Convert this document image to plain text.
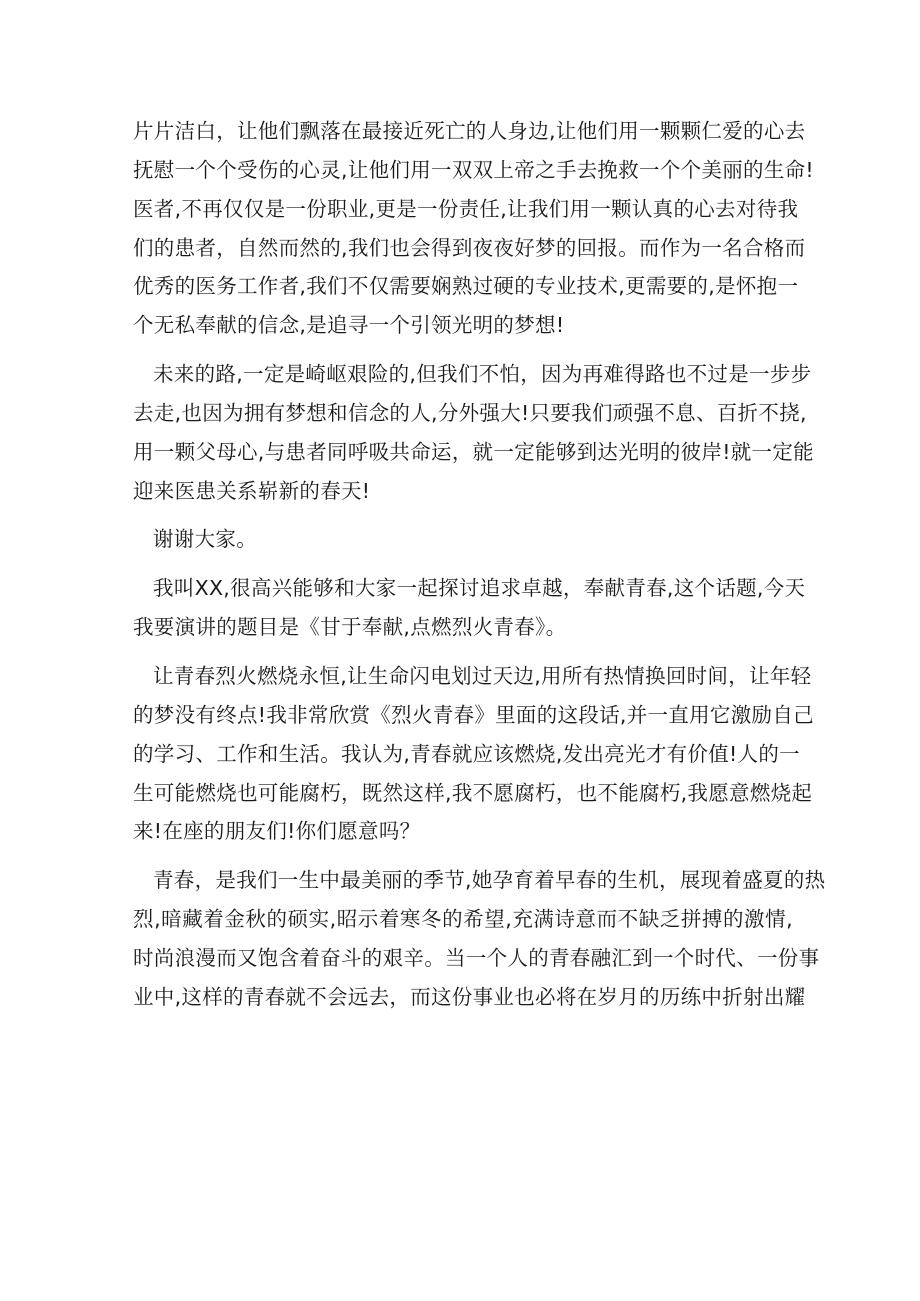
片片洁白，让他们飘落在最接近死亡的人身边,让他们用一颗颗仁爱的心去
抚慰一个个受伤的心灵,让他们用一双双上帝之手去挽救一个个美丽的生命!
医者,不再仅仅是一份职业,更是一份责任,让我们用一颗认真的心去对待我
们的患者，自然而然的,我们也会得到夜夜好梦的回报。而作为一名合格而
优秀的医务工作者,我们不仅需要娴熟过硬的专业技术,更需要的,是怀抱一
个无私奉献的信念,是追寻一个引领光明的梦想!
未来的路,一定是崎岖艰险的,但我们不怕，因为再难得路也不过是一步步
去走,也因为拥有梦想和信念的人,分外强大!只要我们顽强不息、百折不挠,
用一颗父母心,与患者同呼吸共命运，就一定能够到达光明的彼岸!就一定能
迎来医患关系崭新的春天!
谢谢大家。
我叫XX,很高兴能够和大家一起探讨追求卓越，奉献青春,这个话题,今天
我要演讲的题目是《甘于奉献,点燃烈火青春》。
让青春烈火燃烧永恒,让生命闪电划过天边,用所有热情换回时间，让年轻
的梦没有终点!我非常欣赏《烈火青春》里面的这段话,并一直用它激励自己
的学习、工作和生活。我认为,青春就应该燃烧,发出亮光才有价值!人的一
生可能燃烧也可能腐朽，既然这样,我不愿腐朽，也不能腐朽,我愿意燃烧起
来!在座的朋友们!你们愿意吗？
青春，是我们一生中最美丽的季节,她孕育着早春的生机，展现着盛夏的热
烈,暗藏着金秋的硕实,昭示着寒冬的希望,充满诗意而不缺乏拼搏的激情,
时尚浪漫而又饱含着奋斗的艰辛。当一个人的青春融汇到一个时代、一份事
业中,这样的青春就不会远去，而这份事业也必将在岁月的历练中折射出耀
